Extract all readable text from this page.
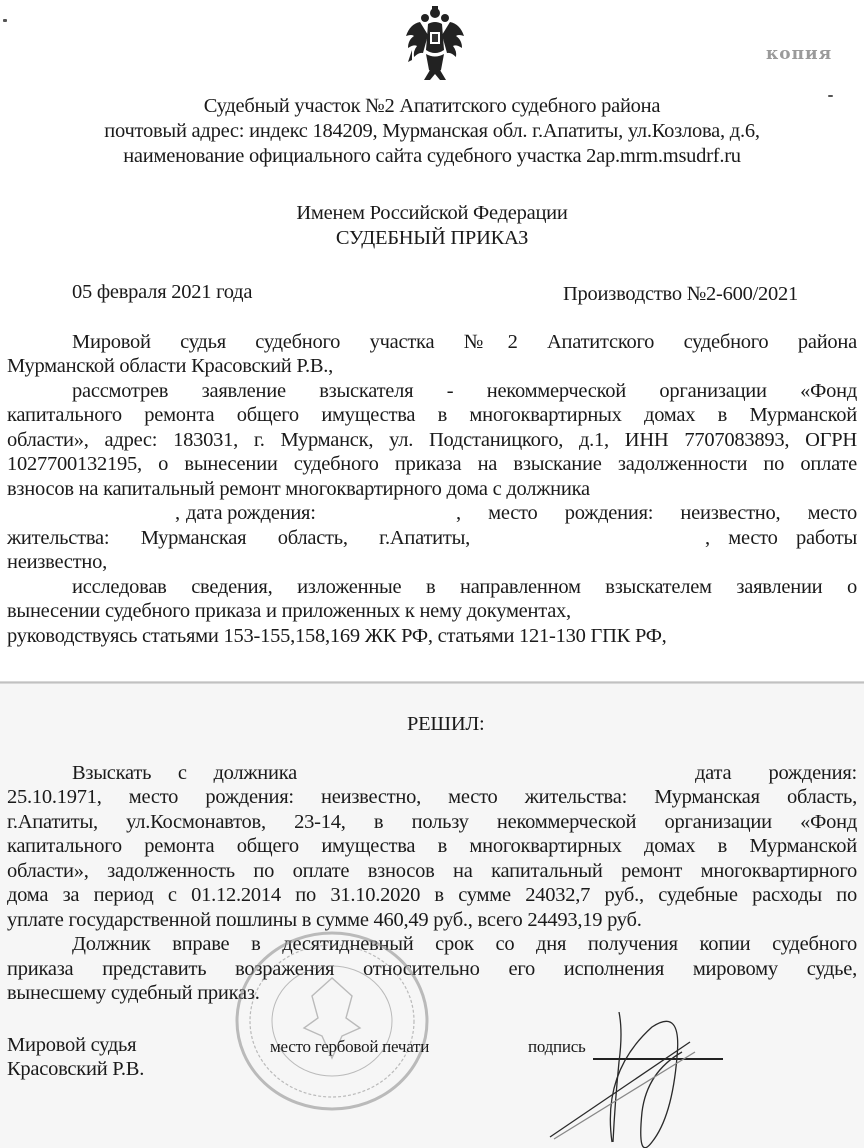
копия
Судебный участок №2 Апатитского судебного района
почтовый адрес: индекс 184209, Мурманская обл. г.Апатиты, ул.Козлова, д.6,
наименование официального сайта судебного участка 2ap.mrm.msudrf.ru
Именем Российской Федерации
СУДЕБНЫЙ ПРИКАЗ
05 февраля 2021 года	Производство №2-600/2021
Мировой судья судебного участка №2 Апатитского судебного района
Мурманской области Красовский Р.В.,
рассмотрев заявление взыскателя - некоммерческой организации «Фонд
капитального ремонта общего имущества в многоквартирных домах в Мурманской
области», адрес: 183031, г. Мурманск, ул. Подстаницкого, д.1, ИНН 7707083893, ОГРН
1027700132195, о вынесении судебного приказа на взыскание задолженности по оплате
взносов на капитальный ремонт многоквартирного дома с должника
, дата рождения:	, место рождения: неизвестно, место
жительства: Мурманская область, г.Апатиты,	, место работы
неизвестно,
исследовав сведения, изложенные в направленном взыскателем заявлении о
вынесении судебного приказа и приложенных к нему документах,
руководствуясь статьями 153-155,158,169 ЖК РФ, статьями 121-130 ГПК РФ,
РЕШИЛ:
Взыскать с должника	дата рождения:
25.10.1971, место рождения: неизвестно, место жительства: Мурманская область,
г.Апатиты, ул.Космонавтов, 23-14, в пользу некоммерческой организации «Фонд
капитального ремонта общего имущества в многоквартирных домах в Мурманской
области», задолженность по оплате взносов на капитальный ремонт многоквартирного
дома за период с 01.12.2014 по 31.10.2020 в сумме 24032,7 руб., судебные расходы по
уплате государственной пошлины в сумме 460,49 руб., всего 24493,19 руб.
Должник вправе в десятидневный срок со дня получения копии судебного
приказа представить возражения относительно его исполнения мировому судье,
вынесшему судебный приказ.
Мировой судья
Красовский Р.В.
место гербовой печати	подпись
